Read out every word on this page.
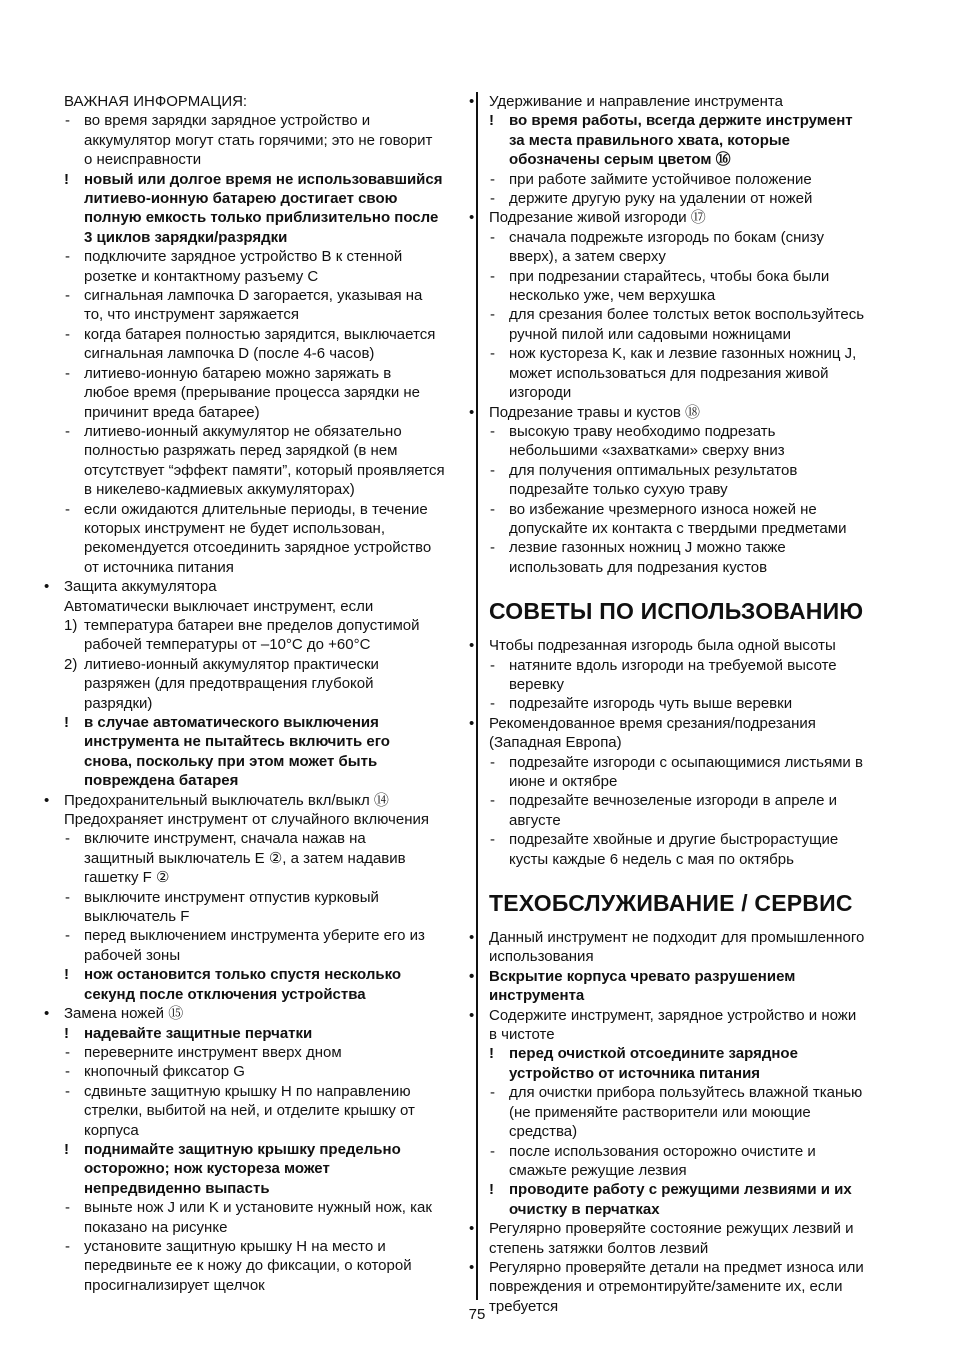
ВАЖНАЯ ИНФОРМАЦИЯ:
- во время зарядки зарядное устройство и
аккумулятор могут стать горячими; это не говорит
о неисправности
! новый или долгое время не использовавшийся
литиево-ионную батарею достигает свою
полную емкость только приблизительно после
3 циклов зарядки/разрядки
- подключите зарядное устройство B к стенной
розетке и контактному разъему C
- сигнальная лампочка D загорается, указывая на
то, что инструмент заряжается
- когда батарея полностью зарядится, выключается
сигнальная лампочка D (после 4-6 часов)
- литиево-ионную батарею можно заряжать в
любое время (прерывание процесса зарядки не
причинит вреда батарее)
- литиево-ионный аккумулятор не обязательно
полностью разряжать перед зарядкой (в нем
отсутствует “эффект памяти”, который проявляется
в никелево-кадмиевых аккумуляторах)
- если ожидаются длительные периоды, в течение
которых инструмент не будет использован,
рекомендуется отсоединить зарядное устройство
от источника питания
• Защита аккумулятора
Автоматически выключает инструмент, если
1) температура батареи вне пределов допустимой
рабочей температуры от –10°C до +60°C
2) литиево-ионный аккумулятор практически
разряжен (для предотвращения глубокой
разрядки)
! в случае автоматического выключения
инструмента не пытайтесь включить его
снова, поскольку при этом может быть
повреждена батарея
• Предохранительный выключатель вкл/выкл ⑭
Предохраняет инструмент от случайного включения
- включите инструмент, сначала нажав на
защитный выключатель E ②, а затем надавив
гашетку F ②
- выключите инструмент отпустив курковый
выключатель F
- перед выключением инструмента уберите его из
рабочей зоны
! нож остановится только спустя несколько
секунд после отключения устройства
• Замена ножей ⑮
! надевайте защитные перчатки
- переверните инструмент вверх дном
- кнопочный фиксатор G
- сдвиньте защитную крышку H по направлению
стрелки, выбитой на ней, и отделите крышку от
корпуса
! поднимайте защитную крышку предельно
осторожно; нож кустореза может
непредвиденно выпасть
- выньте нож J или K и установите нужный нож, как
показано на рисунке
- установите защитную крышку H на место и
передвиньте ее к ножу до фиксации, о которой
просигнализирует щелчок
• Удерживание и направление инструмента
! во время работы, всегда держите инструмент
за места правильного хвата, которые
обозначены серым цветом ⑯
- при работе займите устойчивое положение
- держите другую руку на удалении от ножей
• Подрезание живой изгороди ⑰
- сначала подрежьте изгородь по бокам (снизу
вверх), а затем сверху
- при подрезании старайтесь, чтобы бока были
несколько уже, чем верхушка
- для срезания более толстых веток воспользуйтесь
ручной пилой или садовыми ножницами
- нож кустореза K, как и лезвие газонных ножниц J,
может использоваться для подрезания живой
изгороди
• Подрезание травы и кустов ⑱
- высокую траву необходимо подрезать
небольшими «захватками» сверху вниз
- для получения оптимальных результатов
подрезайте только сухую траву
- во избежание чрезмерного износа ножей не
допускайте их контакта с твердыми предметами
- лезвие газонных ножниц J можно также
использовать для подрезания кустов
СОВЕТЫ ПО ИСПОЛЬЗОВАНИЮ
• Чтобы подрезанная изгородь была одной высоты
- натяните вдоль изгороди на требуемой высоте
веревку
- подрезайте изгородь чуть выше веревки
• Рекомендованное время срезания/подрезания
(Западная Европа)
- подрезайте изгороди с осыпающимися листьями в
июне и октябре
- подрезайте вечнозеленые изгороди в апреле и
августе
- подрезайте хвойные и другие быстрорастущие
кусты каждые 6 недель с мая по октябрь
ТЕХОБСЛУЖИВАНИЕ / СЕРВИС
• Данный инструмент не подходит для промышленного
использования
• Вскрытие корпуса чревато разрушением
инструмента
• Содержите инструмент, зарядное устройство и ножи
в чистоте
! перед очисткой отсоедините зарядное
устройство от источника питания
- для очистки прибора пользуйтесь влажной тканью
(не применяйте растворители или моющие
средства)
- после использования осторожно очистите и
смажьте режущие лезвия
! проводите работу с режущими лезвиями и их
очистку в перчатках
• Регулярно проверяйте состояние режущих лезвий и
степень затяжки болтов лезвий
• Регулярно проверяйте детали на предмет износа или
повреждения и отремонтируйте/замените их, если
требуется
75
